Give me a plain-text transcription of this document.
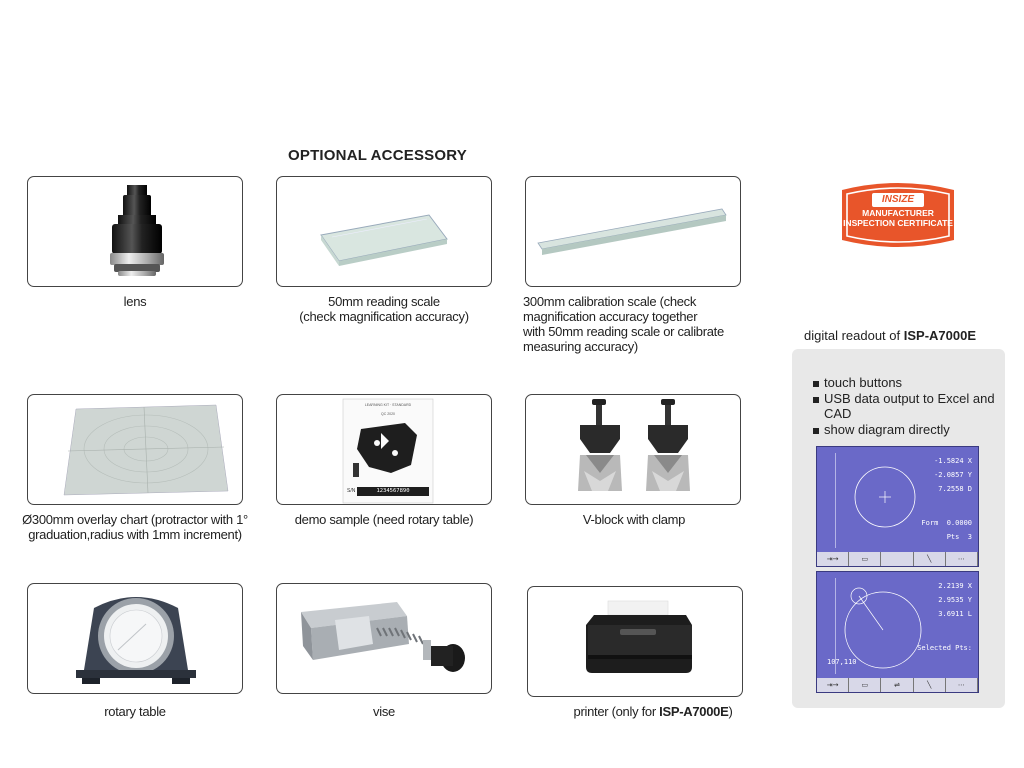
OPTIONAL ACCESSORY
lens	50mm reading scale
(check magnification accuracy)
300mm calibration scale (check
magnification accuracy together
with 50mm reading scale or calibrate
measuring accuracy)
INSIZE
MANUFACTURER
INSPECTION CERTIFICATE
Ø300mm overlay chart (protractor with 1°
graduation,radius with 1mm increment)
LEARNING KIT · STANDARD
QC 2020
S/N	1234567890
demo sample (need rotary table)	V-block with clamp
rotary table	vise	printer (only for ISP-A7000E)
digital readout of ISP-A7000E
touch buttons
USB data output to Excel and CAD
show diagram directly
-1.5824 X
-2.0857 Y
7.2558 D
Form  0.0000
Pts  3
⇥→	▭	╲	⋯
2.2139 X
2.9535 Y
3.6911 L
Selected Pts:
107,110
⇥→	▭	⇌	╲	⋯
